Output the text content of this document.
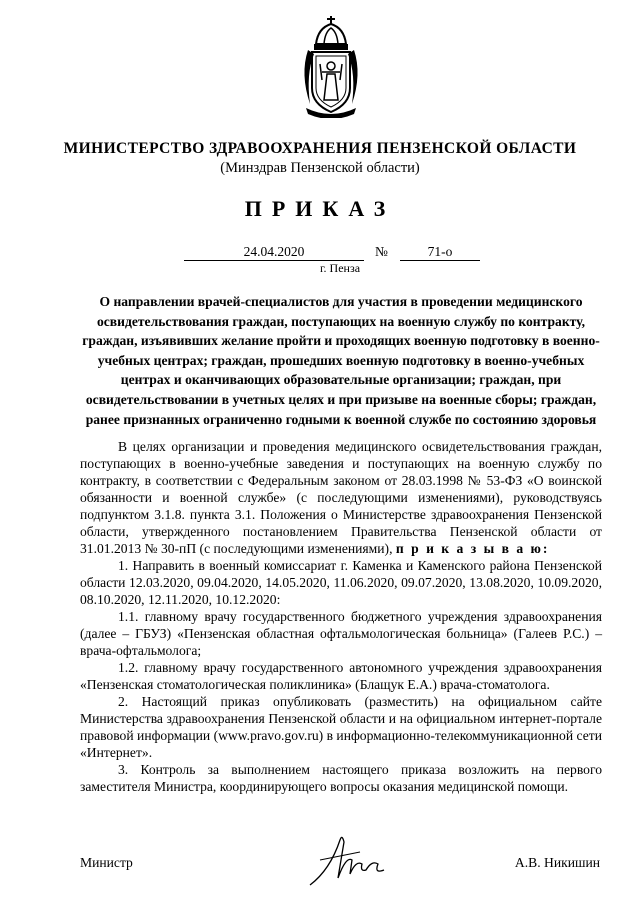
МИНИСТЕРСТВО ЗДРАВООХРАНЕНИЯ ПЕНЗЕНСКОЙ ОБЛАСТИ
(Минздрав Пензенской области)
ПРИКАЗ
24.04.2020	№	71-о
г. Пенза
О направлении врачей-специалистов для участия в проведении медицинского освидетельствования граждан, поступающих на военную службу по контракту, граждан, изъявивших желание пройти и проходящих военную подготовку в военно-учебных центрах; граждан, прошедших военную подготовку в военно-учебных центрах и оканчивающих образовательные организации; граждан, при освидетельствовании в учетных целях и при призыве на военные сборы; граждан, ранее признанных ограниченно годными к военной службе по состоянию здоровья

В целях организации и проведения медицинского освидетельствования граждан, поступающих в военно-учебные заведения и поступающих на военную службу по контракту, в соответствии с Федеральным законом от 28.03.1998 № 53-ФЗ «О воинской обязанности и военной службе» (с последующими изменениями), руководствуясь подпунктом 3.1.8. пункта 3.1. Положения о Министерстве здравоохранения Пензенской области, утвержденного постановлением Правительства Пензенской области от 31.01.2013 № 30-пП (с последующими изменениями), п р и к а з ы в а ю:

1. Направить в военный комиссариат г. Каменка и Каменского района Пензенской области 12.03.2020, 09.04.2020, 14.05.2020, 11.06.2020, 09.07.2020, 13.08.2020, 10.09.2020, 08.10.2020, 12.11.2020, 10.12.2020:

1.1. главному врачу государственного бюджетного учреждения здравоохранения (далее – ГБУЗ) «Пензенская областная офтальмологическая больница» (Галеев Р.С.) – врача-офтальмолога;

1.2. главному врачу государственного автономного учреждения здравоохранения «Пензенская стоматологическая поликлиника» (Блащук Е.А.) врача-стоматолога.

2. Настоящий приказ опубликовать (разместить) на официальном сайте Министерства здравоохранения Пензенской области и на официальном интернет-портале правовой информации (www.pravo.gov.ru) в информационно-телекоммуникационной сети «Интернет».

3. Контроль за выполнением настоящего приказа возложить на первого заместителя Министра, координирующего вопросы оказания медицинской помощи.

Министр	А.В. Никишин
